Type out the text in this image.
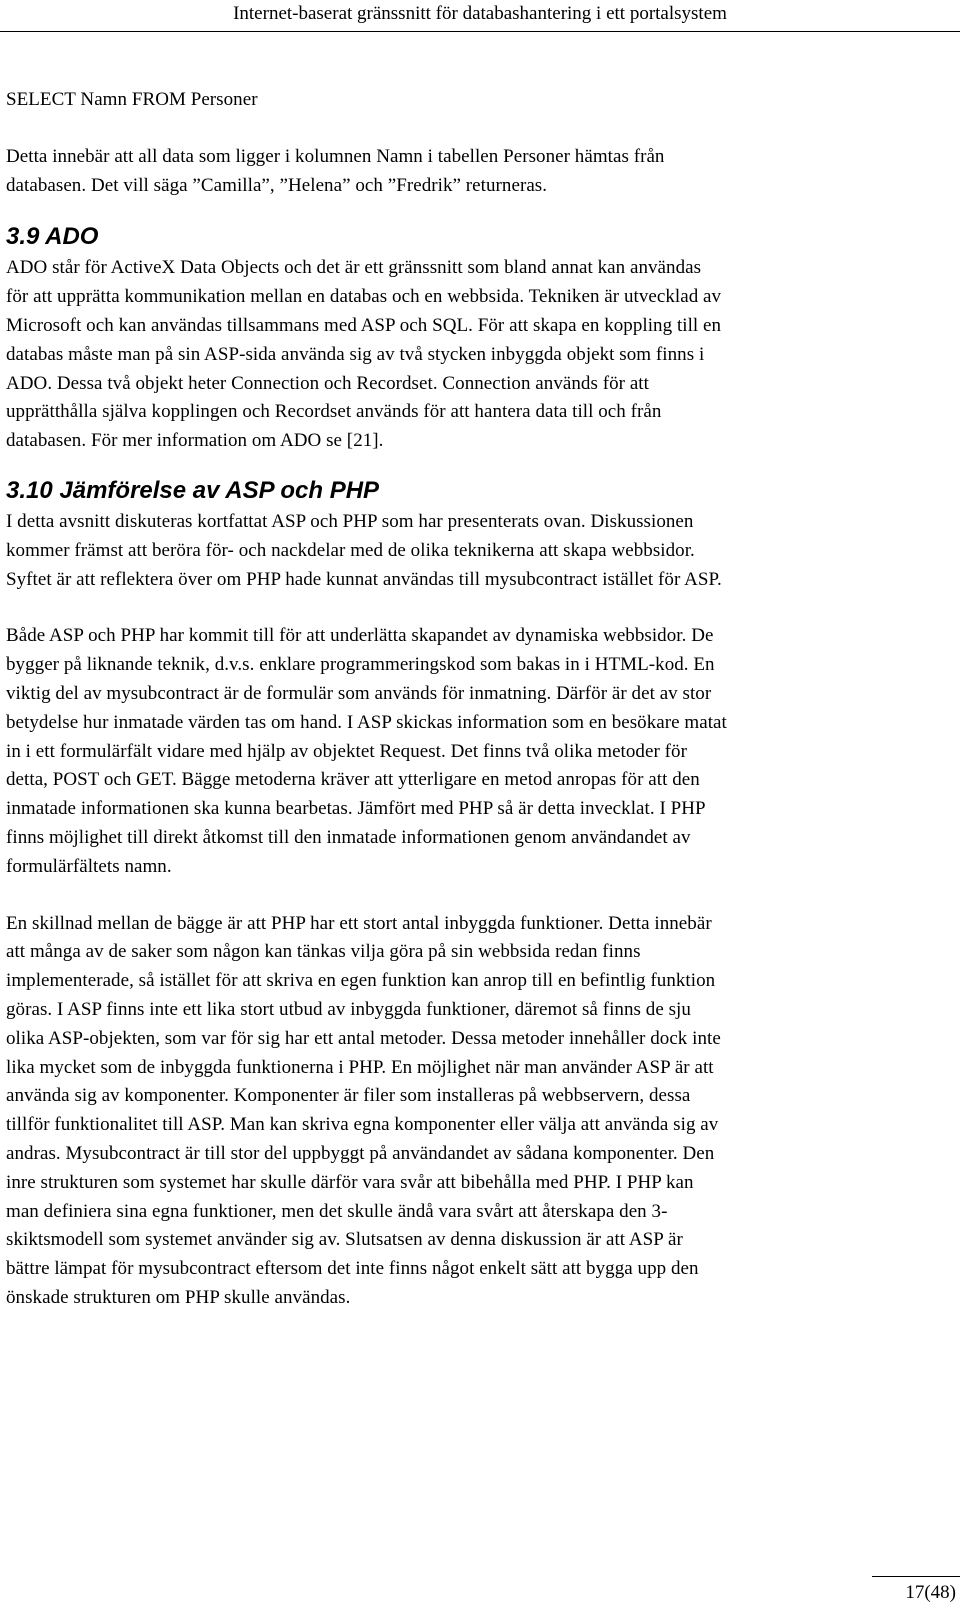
Internet-baserat gränssnitt för databashantering i ett portalsystem

SELECT Namn FROM Personer

Detta innebär att all data som ligger i kolumnen Namn i tabellen Personer hämtas från

databasen. Det vill säga ”Camilla”, ”Helena” och ”Fredrik” returneras.

3.9 ADO

ADO står för ActiveX Data Objects och det är ett gränssnitt som bland annat kan användas

för att upprätta kommunikation mellan en databas och en webbsida. Tekniken är utvecklad av

Microsoft och kan användas tillsammans med ASP och SQL. För att skapa en koppling till en

databas måste man på sin ASP-sida använda sig av två stycken inbyggda objekt som finns i

ADO. Dessa två objekt heter Connection och Recordset. Connection används för att

upprätthålla själva kopplingen och Recordset används för att hantera data till och från

databasen. För mer information om ADO se [21].

3.10 Jämförelse av ASP och PHP

I detta avsnitt diskuteras kortfattat ASP och PHP som har presenterats ovan. Diskussionen

kommer främst att beröra för- och nackdelar med de olika teknikerna att skapa webbsidor.

Syftet är att reflektera över om PHP hade kunnat användas till mysubcontract istället för ASP.

Både ASP och PHP har kommit till för att underlätta skapandet av dynamiska webbsidor. De

bygger på liknande teknik, d.v.s. enklare programmeringskod som bakas in i HTML-kod. En

viktig del av mysubcontract är de formulär som används för inmatning. Därför är det av stor

betydelse hur inmatade värden tas om hand. I ASP skickas information som en besökare matat

in i ett formulärfält vidare med hjälp av objektet Request. Det finns två olika metoder för

detta, POST och GET. Bägge metoderna kräver att ytterligare en metod anropas för att den

inmatade informationen ska kunna bearbetas. Jämfört med PHP så är detta invecklat. I PHP

finns möjlighet till direkt åtkomst till den inmatade informationen genom användandet av

formulärfältets namn.

En skillnad mellan de bägge är att PHP har ett stort antal inbyggda funktioner. Detta innebär

att många av de saker som någon kan tänkas vilja göra på sin webbsida redan finns

implementerade, så istället för att skriva en egen funktion kan anrop till en befintlig funktion

göras. I ASP finns inte ett lika stort utbud av inbyggda funktioner, däremot så finns de sju

olika ASP-objekten, som var för sig har ett antal metoder. Dessa metoder innehåller dock inte

lika mycket som de inbyggda funktionerna i PHP. En möjlighet när man använder ASP är att

använda sig av komponenter. Komponenter är filer som installeras på webbservern, dessa

tillför funktionalitet till ASP. Man kan skriva egna komponenter eller välja att använda sig av

andras. Mysubcontract är till stor del uppbyggt på användandet av sådana komponenter. Den

inre strukturen som systemet har skulle därför vara svår att bibehålla med PHP. I PHP kan

man definiera sina egna funktioner, men det skulle ändå vara svårt att återskapa den 3-

skiktsmodell som systemet använder sig av. Slutsatsen av denna diskussion är att ASP är

bättre lämpat för mysubcontract eftersom det inte finns något enkelt sätt att bygga upp den

önskade strukturen om PHP skulle användas.

17(48)
